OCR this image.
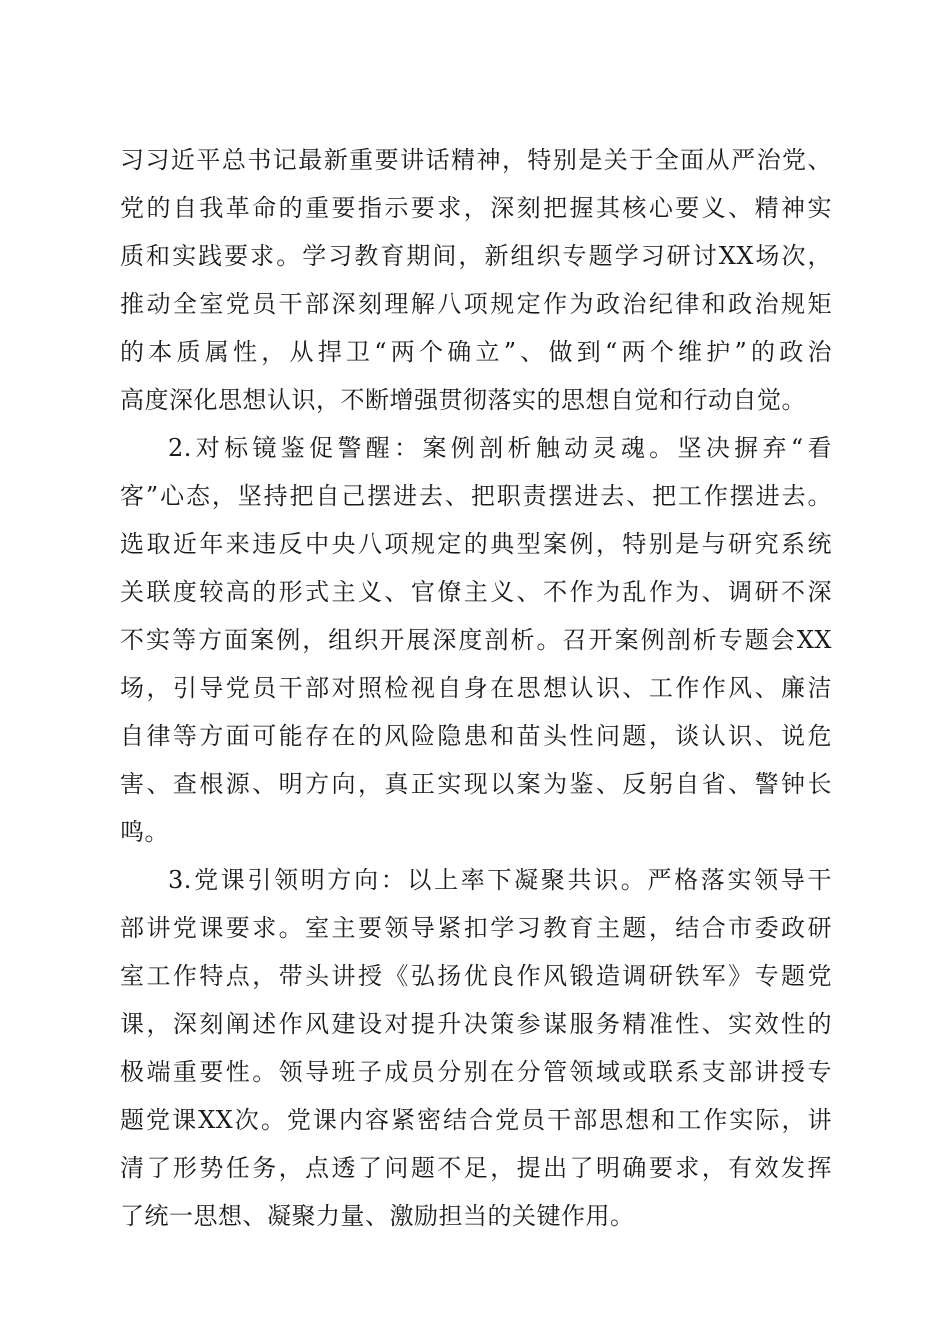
习习近平总书记最新重要讲话精神，特别是关于全面从严治党、
党的自我革命的重要指示要求，深刻把握其核心要义、精神实
质和实践要求。学习教育期间，新组织专题学习研讨XX场次，
推动全室党员干部深刻理解八项规定作为政治纪律和政治规矩
的本质属性，从捍卫“两个确立”、做到“两个维护”的政治
高度深化思想认识，不断增强贯彻落实的思想自觉和行动自觉。
2.对标镜鉴促警醒：案例剖析触动灵魂。坚决摒弃“看
客”心态，坚持把自己摆进去、把职责摆进去、把工作摆进去。
选取近年来违反中央八项规定的典型案例，特别是与研究系统
关联度较高的形式主义、官僚主义、不作为乱作为、调研不深
不实等方面案例，组织开展深度剖析。召开案例剖析专题会XX
场，引导党员干部对照检视自身在思想认识、工作作风、廉洁
自律等方面可能存在的风险隐患和苗头性问题，谈认识、说危
害、查根源、明方向，真正实现以案为鉴、反躬自省、警钟长
鸣。
3.党课引领明方向：以上率下凝聚共识。严格落实领导干
部讲党课要求。室主要领导紧扣学习教育主题，结合市委政研
室工作特点，带头讲授《弘扬优良作风锻造调研铁军》专题党
课，深刻阐述作风建设对提升决策参谋服务精准性、实效性的
极端重要性。领导班子成员分别在分管领域或联系支部讲授专
题党课XX次。党课内容紧密结合党员干部思想和工作实际，讲
清了形势任务，点透了问题不足，提出了明确要求，有效发挥
了统一思想、凝聚力量、激励担当的关键作用。
